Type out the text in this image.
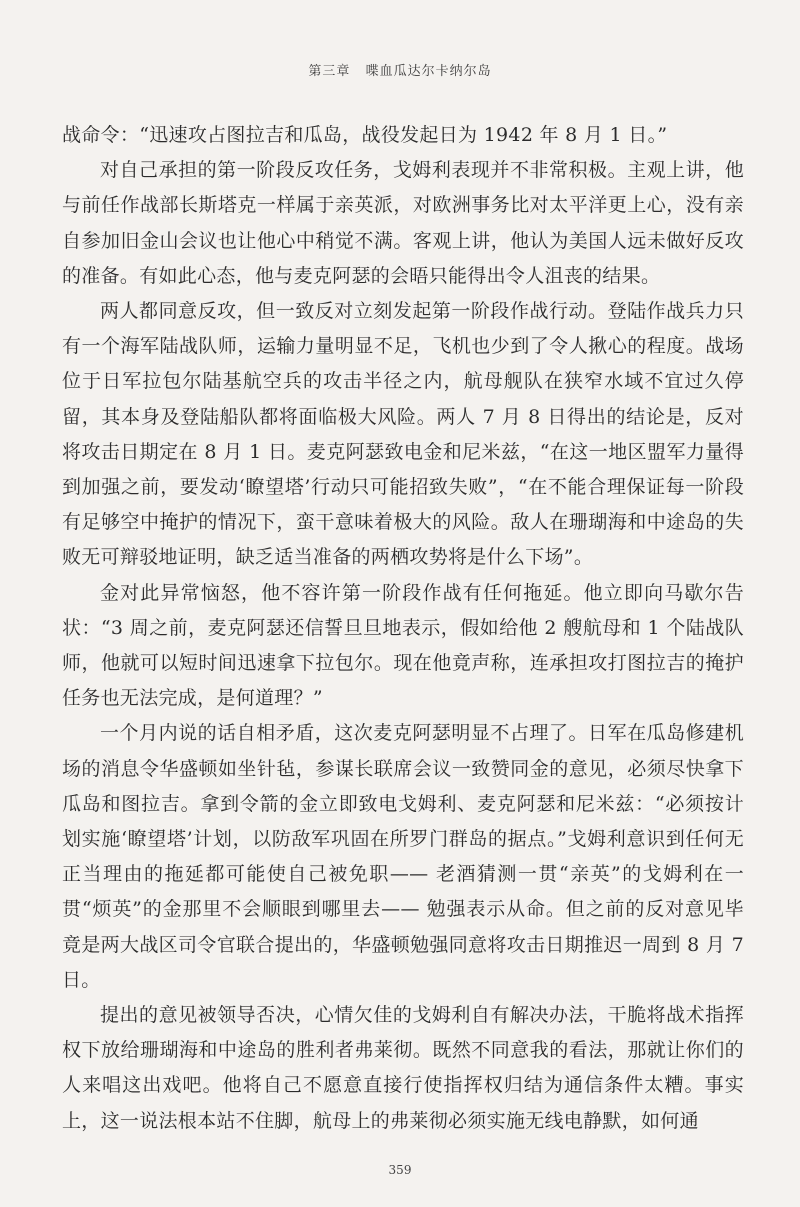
第三章 喋血瓜达尔卡纳尔岛

战命令：“迅速攻占图拉吉和瓜岛，战役发起日为 1942 年 8 月 1 日。”

对自己承担的第一阶段反攻任务，戈姆利表现并不非常积极。主观上讲，他与前任作战部长斯塔克一样属于亲英派，对欧洲事务比对太平洋更上心，没有亲自参加旧金山会议也让他心中稍觉不满。客观上讲，他认为美国人远未做好反攻的准备。有如此心态，他与麦克阿瑟的会晤只能得出令人沮丧的结果。

两人都同意反攻，但一致反对立刻发起第一阶段作战行动。登陆作战兵力只有一个海军陆战队师，运输力量明显不足，飞机也少到了令人揪心的程度。战场位于日军拉包尔陆基航空兵的攻击半径之内，航母舰队在狭窄水域不宜过久停留，其本身及登陆船队都将面临极大风险。两人 7 月 8 日得出的结论是，反对将攻击日期定在 8 月 1 日。麦克阿瑟致电金和尼米兹，“在这一地区盟军力量得到加强之前，要发动‘瞭望塔’行动只可能招致失败”，“在不能合理保证每一阶段有足够空中掩护的情况下，蛮干意味着极大的风险。敌人在珊瑚海和中途岛的失败无可辩驳地证明，缺乏适当准备的两栖攻势将是什么下场”。

金对此异常恼怒，他不容许第一阶段作战有任何拖延。他立即向马歇尔告状：“3 周之前，麦克阿瑟还信誓旦旦地表示，假如给他 2 艘航母和 1 个陆战队师，他就可以短时间迅速拿下拉包尔。现在他竟声称，连承担攻打图拉吉的掩护任务也无法完成，是何道理？”

一个月内说的话自相矛盾，这次麦克阿瑟明显不占理了。日军在瓜岛修建机场的消息令华盛顿如坐针毡，参谋长联席会议一致赞同金的意见，必须尽快拿下瓜岛和图拉吉。拿到令箭的金立即致电戈姆利、麦克阿瑟和尼米兹：“必须按计划实施‘瞭望塔’计划，以防敌军巩固在所罗门群岛的据点。”戈姆利意识到任何无正当理由的拖延都可能使自己被免职—— 老酒猜测一贯“亲英”的戈姆利在一贯“烦英”的金那里不会顺眼到哪里去—— 勉强表示从命。但之前的反对意见毕竟是两大战区司令官联合提出的，华盛顿勉强同意将攻击日期推迟一周到 8 月 7 日。

提出的意见被领导否决，心情欠佳的戈姆利自有解决办法，干脆将战术指挥权下放给珊瑚海和中途岛的胜利者弗莱彻。既然不同意我的看法，那就让你们的人来唱这出戏吧。他将自己不愿意直接行使指挥权归结为通信条件太糟。事实上，这一说法根本站不住脚，航母上的弗莱彻必须实施无线电静默，如何通

359
